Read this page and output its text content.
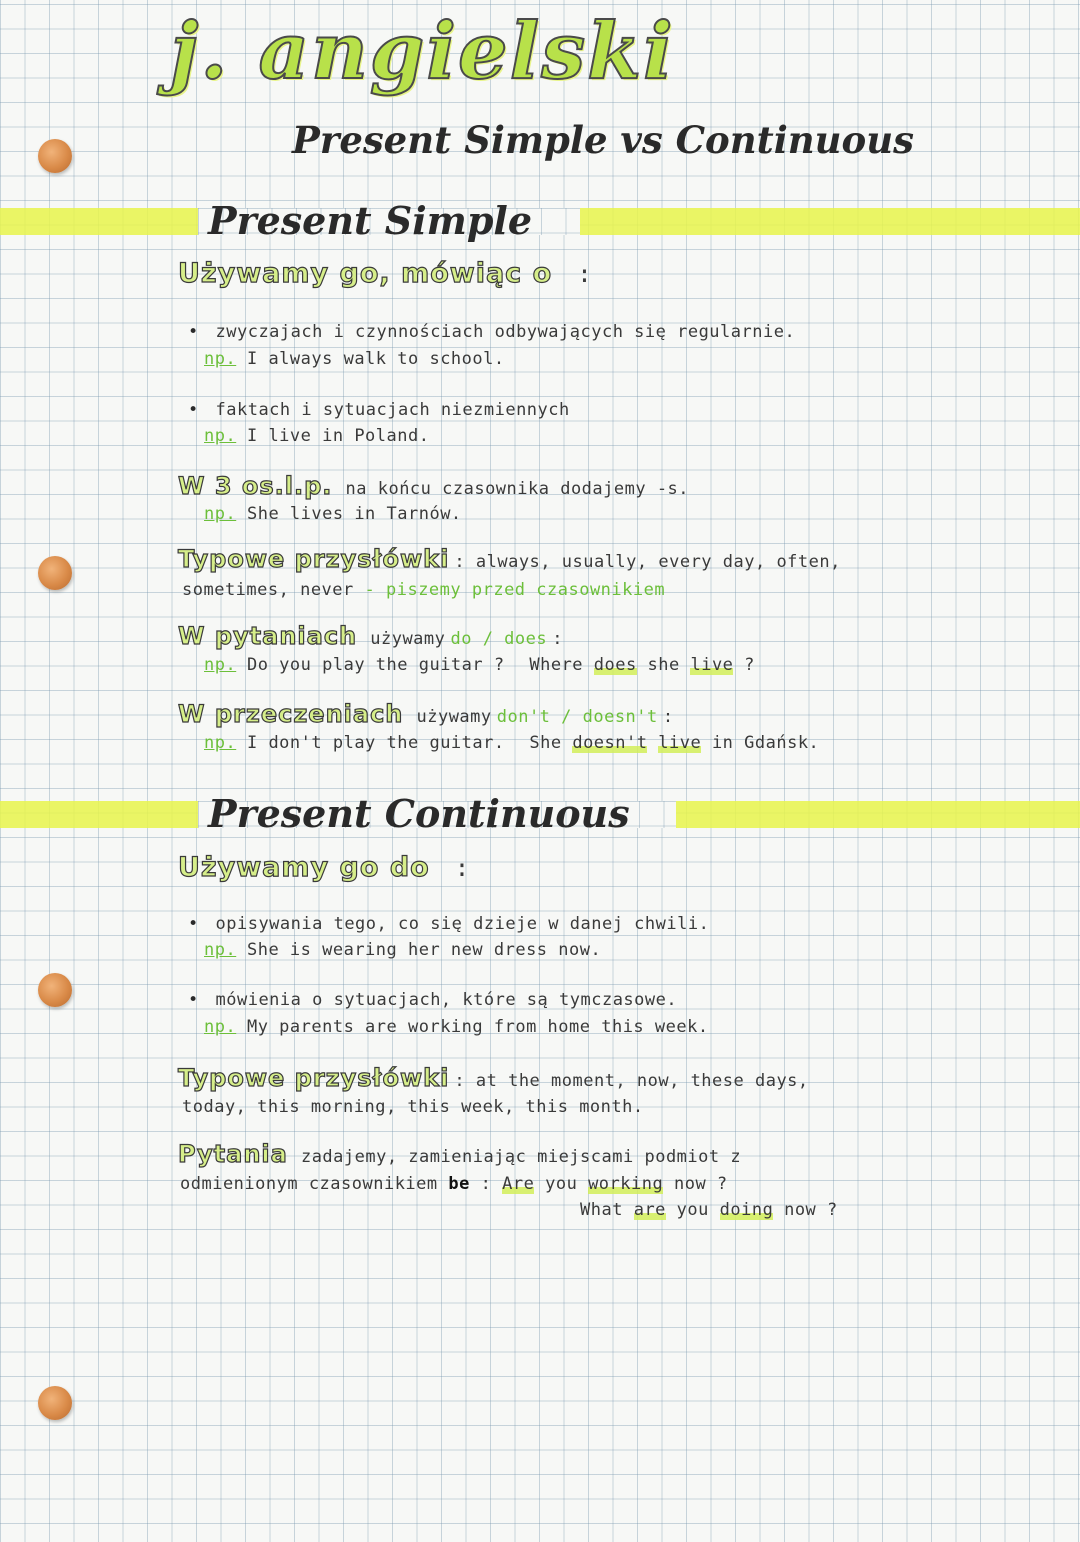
j. angielski
Present Simple vs Continuous
Present Simple
Używamy go, mówiąc o :
• zwyczajach i czynnościach odbywających się regularnie.
np. I always walk to school.
• faktach i sytuacjach niezmiennych
np. I live in Poland.
W 3 os.l.p. na końcu czasownika dodajemy -s.
np. She lives in Tarnów.
Typowe przysłówki : always, usually, every day, often,
sometimes, never - piszemy przed czasownikiem
W pytaniach używamy do / does :
np. Do you play the guitar ? Where does she live ?
W przeczeniach używamy don't / doesn't :
np. I don't play the guitar. She doesn't live in Gdańsk.
Present Continuous
Używamy go do :
• opisywania tego, co się dzieje w danej chwili.
np. She is wearing her new dress now.
• mówienia o sytuacjach, które są tymczasowe.
np. My parents are working from home this week.
Typowe przysłówki : at the moment, now, these days,
today, this morning, this week, this month.
Pytania zadajemy, zamieniając miejscami podmiot z
odmienionym czasownikiem be : Are you working now ?
What are you doing now ?
